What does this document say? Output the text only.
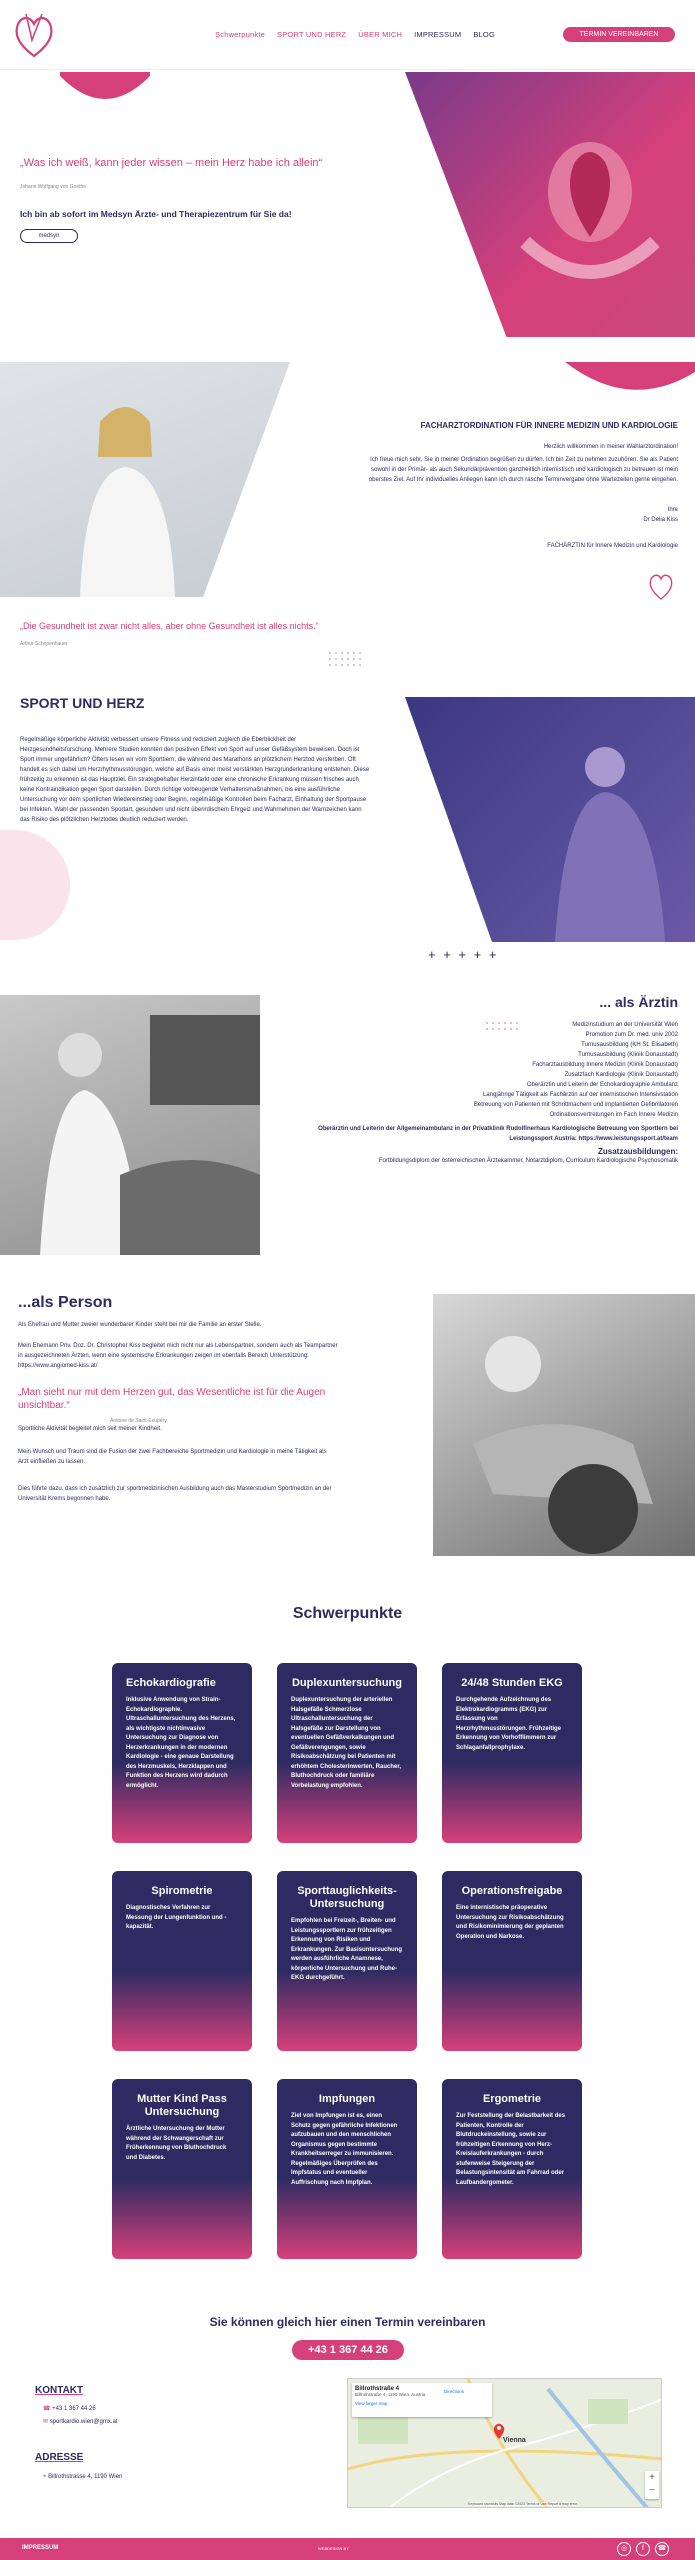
Schwerpunkte SPORT UND HERZ ÜBER MICH IMPRESSUM BLOG	TERMIN VEREINBAREN
„Was ich weiß, kann jeder wissen – mein Herz habe ich allein“
Johann Wolfgang von Goethe
Ich bin ab sofort im Medsyn Ärzte- und Therapiezentrum für Sie da!
medsyn
FACHARZTORDINATION FÜR INNERE MEDIZIN UND KARDIOLOGIE
Herzlich willkommen in meiner Wahlarztordination!
Ich freue mich sehr, Sie in meiner Ordination begrüßen zu dürfen. Ich bin Zeit zu nehmen zuzuhören. Sie als Patient sowohl in der Primär- als auch Sekundärprävention ganzheitlich internistisch und kardiologisch zu betreuen ist mein oberstes Ziel. Auf Ihr individuelles Anliegen kann ich durch rasche Terminvergabe ohne Wartezeiten gerne eingehen.
Ihre
Dr Delia Kiss
FACHÄRZTIN für Innere Medizin und Kardiologie
„Die Gesundheit ist zwar nicht alles, aber ohne Gesundheit ist alles nichts.“
Arthur Schopenhauer
SPORT UND HERZ
Regelmäßige körperliche Aktivität verbessert unsere Fitness und reduziert zugleich die Eberblickheit der Herzgesundheitsforschung. Mehrere Studien konnten den positiven Effekt von Sport auf unser Gefäßsystem beweisen. Doch ist Sport immer ungefährlich? Öfters lesen wir vom Sporttiern, die während des Marathons an plötzlichem Herztod versterben. Oft handelt es sich dabei um Herzrhythmusstörungen, welche auf Basis einer meist verstärkten Herzgrunderkrankung entstehen. Diese frühzeitig zu erkennen ist das Hauptziel. Ein strategbehafter Herzinfarkt oder eine chronische Erkrankung müssen frisches auch keine Kontraindikation gegen Sport darstellen. Durch richtige vorbeugende Verhaltensmaßnahmen, bis eine ausführliche Untersuchung vor dem sportlichen Wiedereinstieg oder Beginn, regelmäßige Kontrollen beim Facharzt, Einhaltung der Sportpause bei Infekten. Wahl der passenden Sportart, gesundem und nicht überirdischem Ehrgeiz und Wahrnehmen der Warnzeichen kann das Risiko des plötzlichen Herztodes deutlich reduziert werden.
+ + + + +
... als Ärztin
Medizinstudium an der Universität Wien
Promotion zum Dr. med. univ 2002
Turnusausbildung (KH St. Elisabeth)
Turnusausbildung (Klinik Donaustadt)
Facharztausbildung Innere Medizin (Klinik Donaustadt)
Zusatzfach Kardiologie (Klinik Donaustadt)
Oberärztin und Leiterin der Echokardiographie Ambulanz
Langjährige Tätigkeit als Fachärztin auf der internistischen Intensivstation
Betreuung von Patienten mit Schrittmachern und implantierten Defibrillatoren
Ordinationsvertretungen im Fach Innere Medizin
Oberärztin und Leiterin der Allgemeinambulanz in der Privatklinik Rudolfinerhaus Kardiologische Betreuung von Sportlern bei Leistungssport Austria: https://www.leistungssport.at/team
Zusatzausbildungen:
Fortbildungsdiplom der österreichischen Ärztekammer, Notarztdiplom, Curriculum Kardiologische Psychosomatik
...als Person
Als Ehefrau und Mutter zweier wunderbarer Kinder steht bei mir die Familie an erster Stelle.
Mein Ehemann Priv. Doz. Dr. Christopher Kiss begleitet mich nicht nur als Lebenspartner, sondern auch als Teampartner in ausgezeichneten Ärzten, wenn eine systemische Erkrankungen zeigen im ebenfalls Bereich Unterstützung: https://www.angiomed-kiss.at/
„Man sieht nur mit dem Herzen gut, das Wesentliche ist für die Augen unsichtbar.“
Antoine de Saint-Exupéry
Sportliche Aktivität begleitet mich seit meiner Kindheit.
Mein Wunsch und Traum sind die Fusion der zwei Fachbereiche Sportmedizin und Kardiologie in meine Tätigkeit als Arzt einfließen zu lassen.
Dies führte dazu, dass ich zusätzlich zur sportmedizinischen Ausbildung auch das Masterstudium Sportmedizin an der Universität Krems begonnen habe.
Schwerpunkte
Echokardiografie
Inklusive Anwendung von Strain-Echokardiographie. Ultraschalluntersuchung des Herzens, als wichtigste nichtinvasive Untersuchung zur Diagnose von Herzerkrankungen in der modernen Kardiologie - eine genaue Darstellung des Herzmuskels, Herzklappen und Funktion des Herzens wird dadurch ermöglicht.
Duplexuntersuchung
Duplexuntersuchung der arteriellen Halsgefäße Schmerzlose Ultraschalluntersuchung der Halsgefäße zur Darstellung von eventuellen Gefäßverkalkungen und Gefäßverengungen, sowie Risikoabschätzung bei Patienten mit erhöhtem Cholesterinwerten, Raucher, Bluthochdruck oder familiäre Vorbelastung empfohlen.
24/48 Stunden EKG
Durchgehende Aufzeichnung des Elektrokardiogramms (EKG) zur Erfassung von Herzrhythmusstörungen. Frühzeitige Erkennung von Vorhofflimmern zur Schlaganfallprophylaxe.
Spirometrie
Diagnostisches Verfahren zur Messung der Lungenfunktion und -kapazität.
Sporttauglichkeits-Untersuchung
Empfohlen bei Freizeit-, Breiten- und Leistungssportlern zur frühzeitigen Erkennung von Risiken und Erkrankungen. Zur Basisuntersuchung werden ausführliche Anamnese, körperliche Untersuchung und Ruhe-EKG durchgeführt.
Operationsfreigabe
Eine internistische präoperative Untersuchung zur Risikoabschätzung und Risikominimierung der geplanten Operation und Narkose.
Mutter Kind Pass Untersuchung
Ärztliche Untersuchung der Mutter während der Schwangerschaft zur Früherkennung von Bluthochdruck und Diabetes.
Impfungen
Ziel von Impfungen ist es, einen Schutz gegen gefährliche Infektionen aufzubauen und den menschlichen Organismus gegen bestimmte Krankheitserreger zu immunisieren. Regelmäßiges Überprüfen des Impfstatus und eventueller Auffrischung nach Impfplan.
Ergometrie
Zur Feststellung der Belastbarkeit des Patienten, Kontrolle der Blutdruckeinstellung, sowie zur frühzeitigen Erkennung von Herz-Kreislauferkrankungen - durch stufenweise Steigerung der Belastungsintensität am Fahrrad oder Laufbandergometer.
Sie können gleich hier einen Termin vereinbaren
+43 1 367 44 26
KONTAKT
☎ +43 1 367 44 26
✉ sportkardio.wien@gmx.at
ADRESSE
⌖ Billrothstrasse 4, 1190 Wien
Billrothstraße 4
Billrothstraße 4, 1190 Wien, Austria
View larger map
Directions
Vienna
+
−
Keyboard shortcuts Map data ©2023 Terms of Use Report a map error
IMPRESSUM	WEBDESIGN BY	◎	f	☎
